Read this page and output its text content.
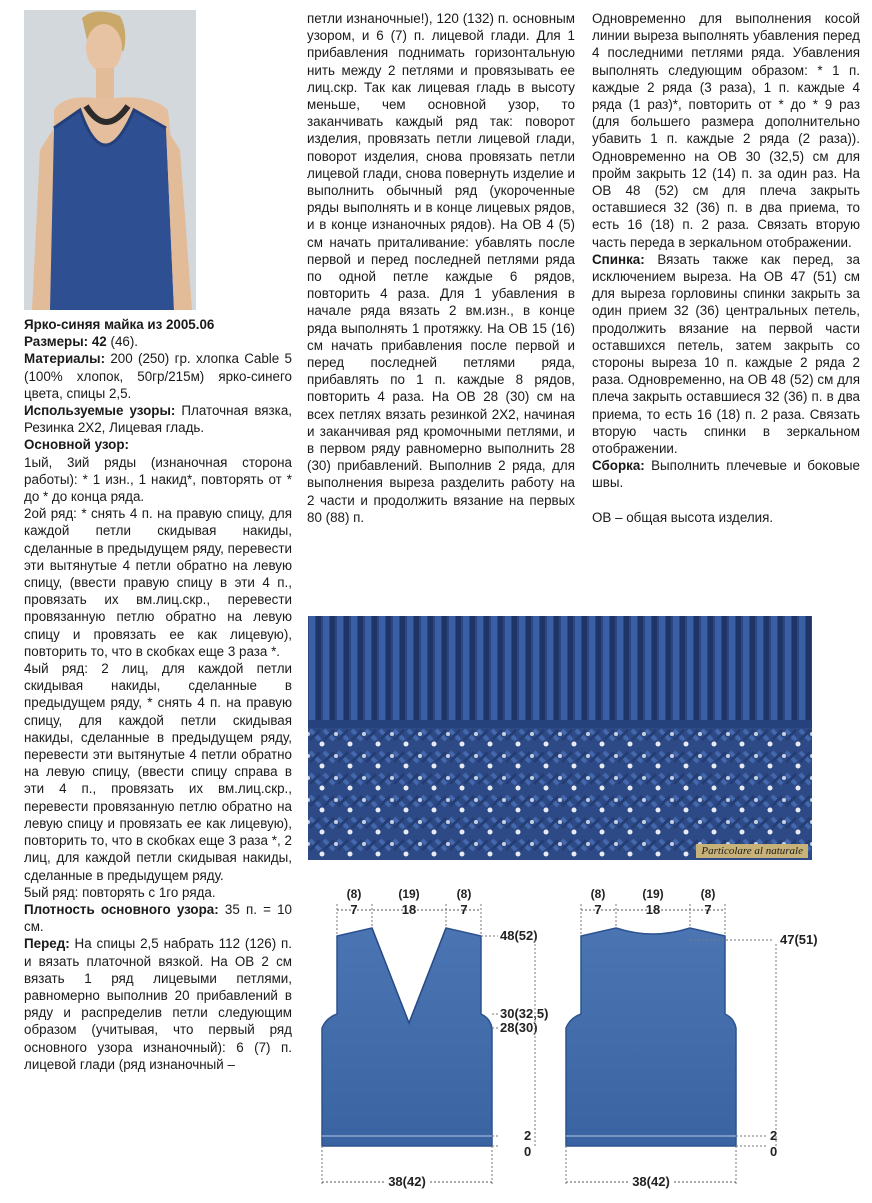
Ярко-синяя майка из 2005.06

Размеры: 42 (46).

Материалы: 200 (250) гр. хлопка Cable 5 (100% хлопок, 50гр/215м) ярко-синего цвета, спицы 2,5.

Используемые узоры: Платочная вязка, Резинка 2Х2, Лицевая гладь.

Основной узор:

1ый, 3ий ряды (изнаночная сторона работы): * 1 изн., 1 накид*, повторять от * до * до конца ряда.

2ой ряд: * снять 4 п. на правую спицу, для каждой петли скидывая накиды, сделанные в предыдущем ряду, перевести эти вытянутые 4 петли обратно на левую спицу, (ввести правую спицу в эти 4 п., провязать их вм.лиц.скр., перевести провязанную петлю обратно на левую спицу и провязать ее как лицевую), повторить то, что в скобках еще 3 раза *.

4ый ряд: 2 лиц, для каждой петли скидывая накиды, сделанные в предыдущем ряду, * снять 4 п. на правую спицу, для каждой петли скидывая накиды, сделанные в предыдущем ряду, перевести эти вытянутые 4 петли обратно на левую спицу, (ввести спицу справа в эти 4 п., провязать их вм.лиц.скр., перевести провязанную петлю обратно на левую спицу и провязать ее как лицевую), повторить то, что в скобках еще 3 раза *, 2 лиц, для каждой петли скидывая накиды, сделанные в предыдущем ряду.

5ый ряд: повторять с 1го ряда.

Плотность основного узора: 35 п. = 10 см.

Перед: На спицы 2,5 набрать 112 (126) п. и вязать платочной вязкой. На ОВ 2 см вязать 1 ряд лицевыми петлями, равномерно выполнив 20 прибавлений в ряду и распределив петли следующим образом (учитывая, что первый ряд основного узора изнаночный): 6 (7) п. лицевой глади (ряд изнаночный –

петли изнаночные!), 120 (132) п. основным узором, и 6 (7) п. лицевой глади. Для 1 прибавления поднимать горизонтальную нить между 2 петлями и провязывать ее лиц.скр. Так как лицевая гладь в высоту меньше, чем основной узор, то заканчивать каждый ряд так: поворот изделия, провязать петли лицевой глади, поворот изделия, снова провязать петли лицевой глади, снова повернуть изделие и выполнить обычный ряд (укороченные ряды выполнять и в конце лицевых рядов, и в конце изнаночных рядов). На ОВ 4 (5) см начать приталивание: убавлять после первой и перед последней петлями ряда по одной петле каждые 6 рядов, повторить 4 раза. Для 1 убавления в начале ряда вязать 2 вм.изн., в конце ряда выполнять 1 протяжку. На ОВ 15 (16) см начать прибавления после первой и перед последней петлями ряда, прибавлять по 1 п. каждые 8 рядов, повторить 4 раза. На ОВ 28 (30) см на всех петлях вязать резинкой 2Х2, начиная и заканчивая ряд кромочными петлями, и в первом ряду равномерно выполнить 28 (30) прибавлений. Выполнив 2 ряда, для выполнения выреза разделить работу на 2 части и продолжить вязание на первых 80 (88) п.

Одновременно для выполнения косой линии выреза выполнять убавления перед 4 последними петлями ряда. Убавления выполнять следующим образом: * 1 п. каждые 2 ряда (3 раза), 1 п. каждые 4 ряда (1 раз)*, повторить от * до * 9 раз (для большего размера дополнительно убавить 1 п. каждые 2 ряда (2 раза)). Одновременно на ОВ 30 (32,5) см для пройм закрыть 12 (14) п. за один раз. На ОВ 48 (52) см для плеча закрыть оставшиеся 32 (36) п. в два приема, то есть 16 (18) п. 2 раза. Связать вторую часть переда в зеркальном отображении.

Спинка: Вязать также как перед, за исключением выреза. На ОВ 47 (51) см для выреза горловины спинки закрыть за один прием 32 (36) центральных петель, продолжить вязание на первой части оставшихся петель, затем закрыть со стороны выреза 10 п. каждые 2 ряда 2 раза. Одновременно, на ОВ 48 (52) см для плеча закрыть оставшиеся 32 (36) п. в два приема, то есть 16 (18) п. 2 раза. Связать вторую часть спинки в зеркальном отображении.

Сборка: Выполнить плечевые и боковые швы.

ОВ – общая высота изделия.

Particolare al naturale
(8)
7
(19)
18
(8)
7
48(52)
30(32,5)
28(30)
2
0
38(42)
(8)
7
(19)
18
(8)
7
47(51)
2
0
38(42)
